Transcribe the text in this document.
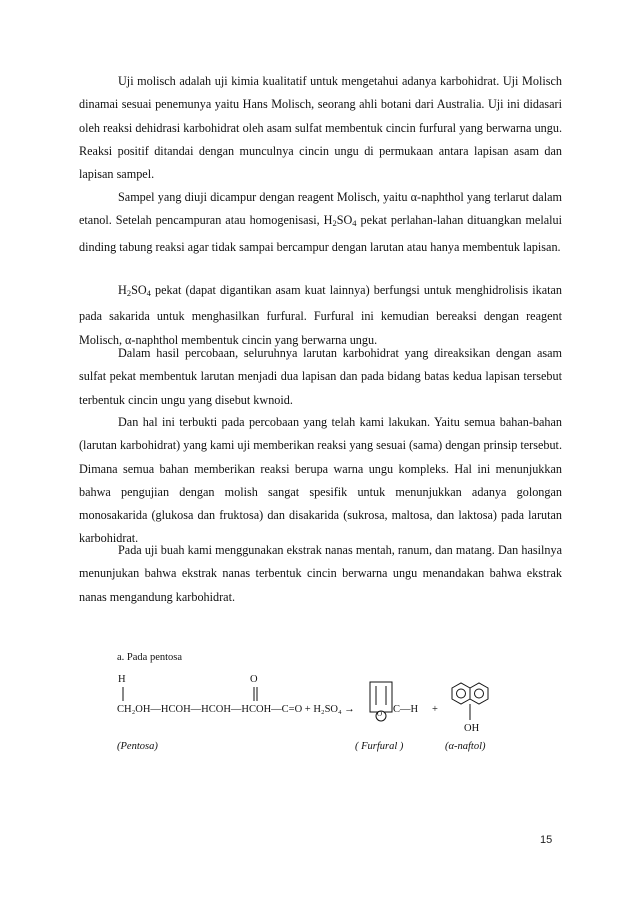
Uji molisch adalah uji kimia kualitatif untuk mengetahui adanya karbohidrat. Uji Molisch dinamai sesuai penemunya yaitu Hans Molisch, seorang ahli botani dari Australia. Uji ini didasari oleh reaksi dehidrasi karbohidrat oleh asam sulfat membentuk cincin furfural yang berwarna ungu. Reaksi positif ditandai dengan munculnya cincin ungu di permukaan antara lapisan asam dan lapisan sampel.

Sampel yang diuji dicampur dengan reagent Molisch, yaitu α-naphthol yang terlarut dalam etanol. Setelah pencampuran atau homogenisasi, $H_2SO_4$ pekat perlahan-lahan dituangkan melalui dinding tabung reaksi agar tidak sampai bercampur dengan larutan atau hanya membentuk lapisan.

$H_2SO_4$ pekat (dapat digantikan asam kuat lainnya) berfungsi untuk menghidrolisis ikatan pada sakarida untuk menghasilkan furfural. Furfural ini kemudian bereaksi dengan reagent Molisch, α-naphthol membentuk cincin yang berwarna ungu.

Dalam hasil percobaan, seluruhnya larutan karbohidrat yang direaksikan dengan asam sulfat pekat membentuk larutan menjadi dua lapisan dan pada bidang batas kedua lapisan tersebut terbentuk cincin ungu yang disebut kwnoid.

Dan hal ini terbukti pada percobaan yang telah kami lakukan. Yaitu semua bahan-bahan (larutan karbohidrat) yang kami uji memberikan reaksi yang sesuai (sama) dengan prinsip tersebut. Dimana semua bahan memberikan reaksi berupa warna ungu kompleks. Hal ini menunjukkan bahwa pengujian dengan molish sangat spesifik untuk menunjukkan adanya golongan monosakarida (glukosa dan fruktosa) dan disakarida (sukrosa, maltosa, dan laktosa) pada larutan karbohidrat.

Pada uji buah kami menggunakan ekstrak nanas mentah, ranum, dan matang. Dan hasilnya menunjukan bahwa ekstrak nanas terbentuk cincin berwarna ungu menandakan bahwa ekstrak nanas mengandung karbohidrat.

a. Pada pentosa
H	O
CH₂OH—HCOH—HCOH—HCOH—C=O + H₂SO₄ →	O C—H +
OH
(Pentosa)	( Furfural )	(α-naftol)
15
